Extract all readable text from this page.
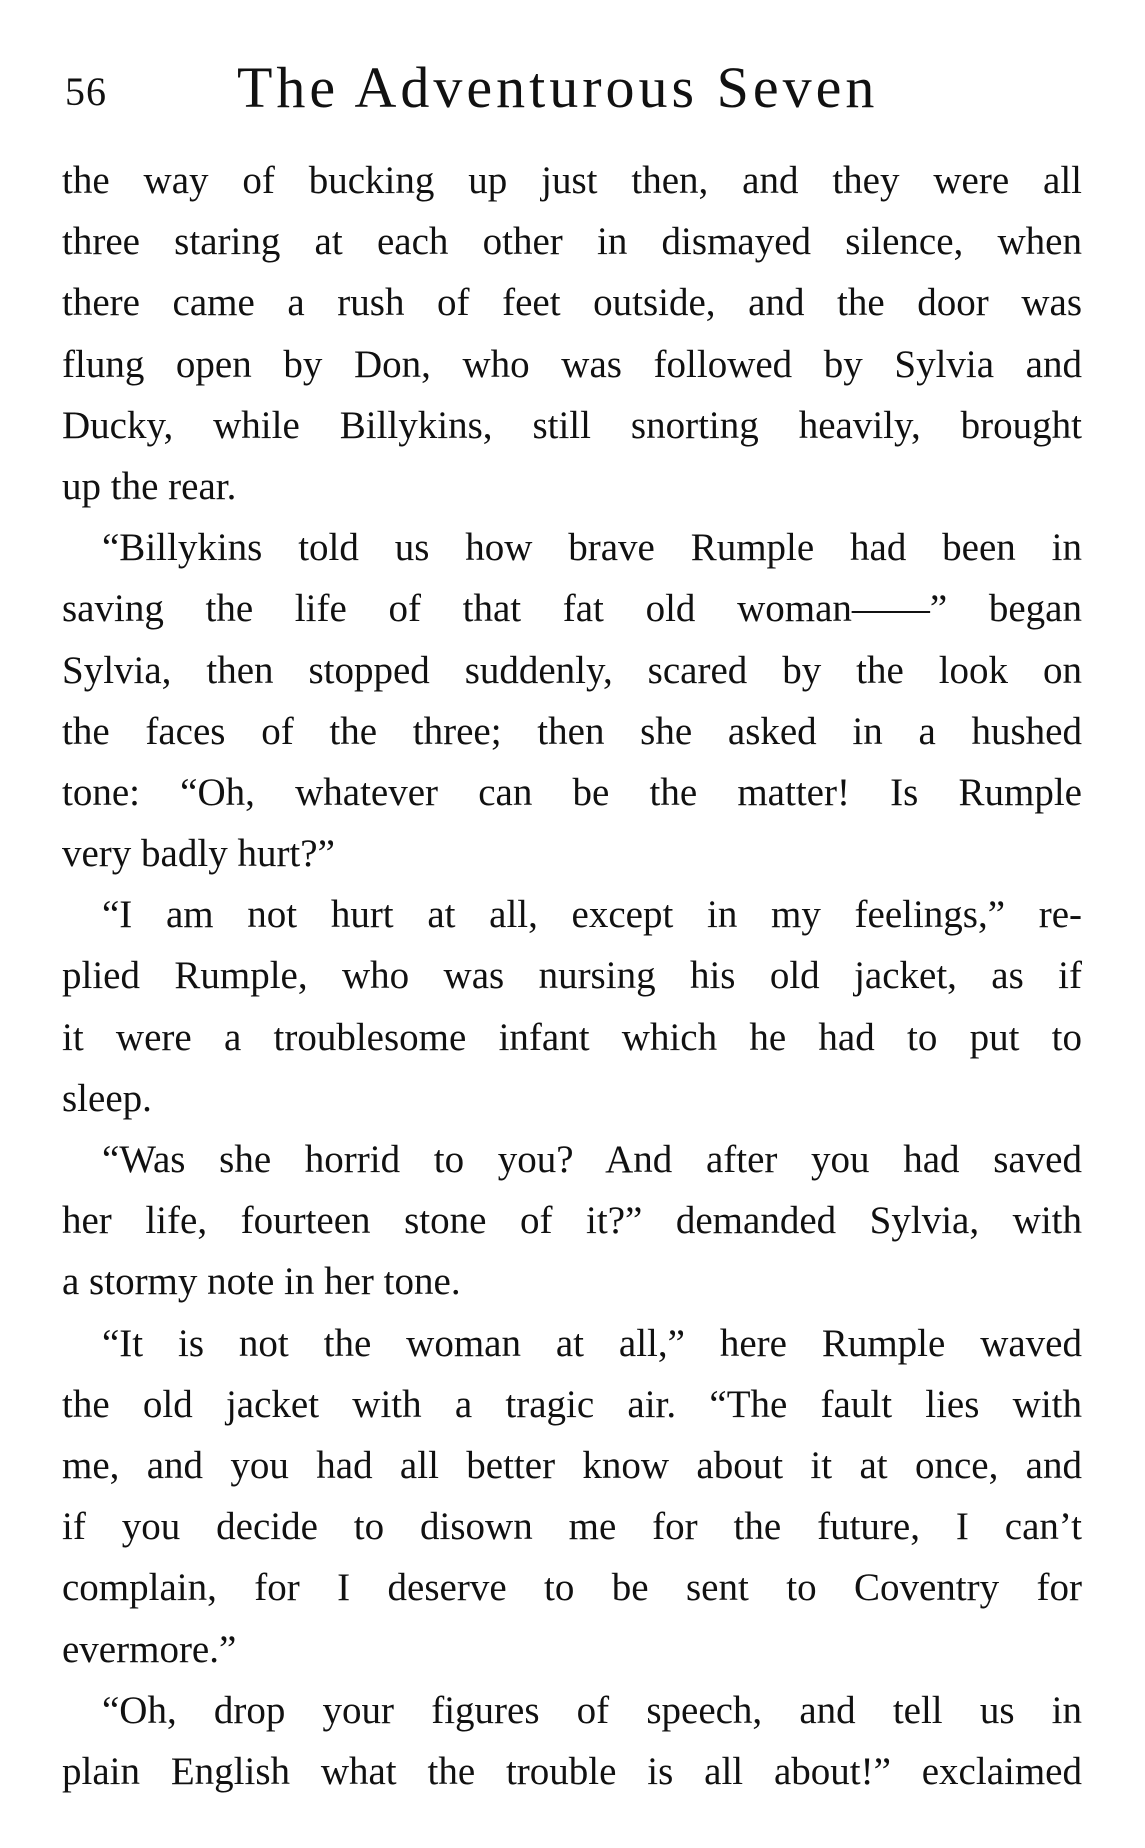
56 The Adventurous Seven
the way of bucking up just then, and they were all
three staring at each other in dismayed silence, when
there came a rush of feet outside, and the door was
flung open by Don, who was followed by Sylvia and
Ducky, while Billykins, still snorting heavily, brought
up the rear.
“Billykins told us how brave Rumple had been in
saving the life of that fat old woman——” began
Sylvia, then stopped suddenly, scared by the look on
the faces of the three; then she asked in a hushed
tone: “Oh, whatever can be the matter! Is Rumple
very badly hurt?”
“I am not hurt at all, except in my feelings,” re-
plied Rumple, who was nursing his old jacket, as if
it were a troublesome infant which he had to put to
sleep.
“Was she horrid to you? And after you had saved
her life, fourteen stone of it?” demanded Sylvia, with
a stormy note in her tone.
“It is not the woman at all,” here Rumple waved
the old jacket with a tragic air. “The fault lies with
me, and you had all better know about it at once, and
if you decide to disown me for the future, I can’t
complain, for I deserve to be sent to Coventry for
evermore.”
“Oh, drop your figures of speech, and tell us in
plain English what the trouble is all about!” exclaimed
